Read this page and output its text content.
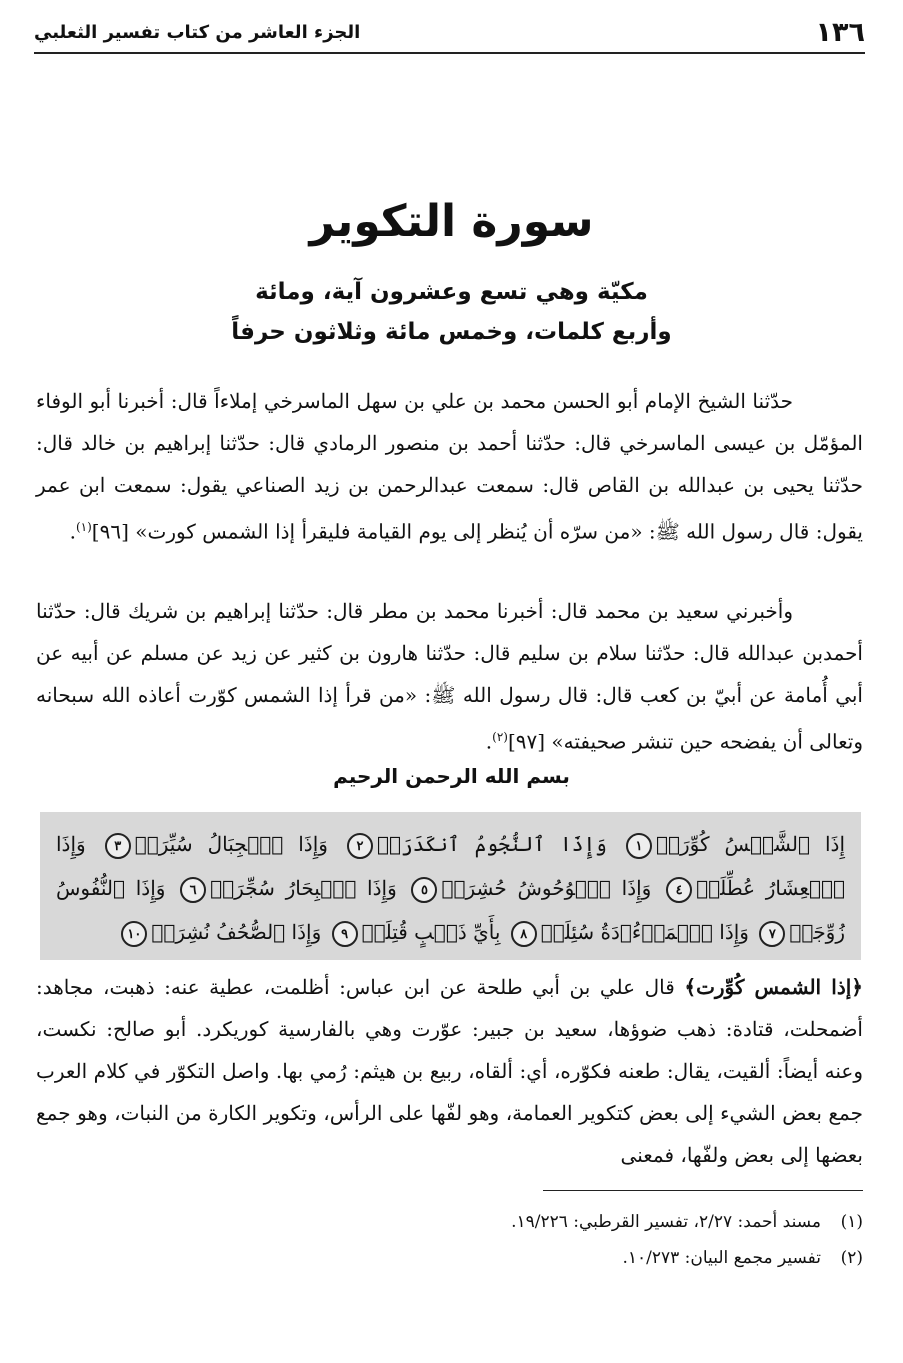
١٣٦
الجزء العاشر من كتاب تفسير الثعلبي
سورة التكوير
مكيّة وهي تسع وعشرون آية، ومائة
وأربع كلمات، وخمس مائة وثلاثون حرفاً
حدّثنا الشيخ الإمام أبو الحسن محمد بن علي بن سهل الماسرخي إملاءاً قال: أخبرنا أبو الوفاء المؤمّل بن عيسى الماسرخي قال: حدّثنا أحمد بن منصور الرمادي قال: حدّثنا إبراهيم بن خالد قال: حدّثنا يحيى بن عبدالله بن القاص قال: سمعت عبدالرحمن بن زيد الصناعي يقول: سمعت ابن عمر يقول: قال رسول الله ﷺ: «من سرّه أن يُنظر إلى يوم القيامة فليقرأ إذا الشمس كورت» [٩٦]$^{(١)}$.
وأخبرني سعيد بن محمد قال: أخبرنا محمد بن مطر قال: حدّثنا إبراهيم بن شريك قال: حدّثنا أحمدبن عبدالله قال: حدّثنا سلام بن سليم قال: حدّثنا هارون بن كثير عن زيد عن مسلم عن أبيه عن أبي أُمامة عن أبيّ بن كعب قال: قال رسول الله ﷺ: «من قرأ إذا الشمس كوّرت أعاذه الله سبحانه وتعالى أن يفضحه حين تنشر صحيفته» [٩٧]$^{(٢)}$.
بسم الله الرحمن الرحيم
إِذَا ٱلشَّمۡسُ كُوِّرَتۡ١ وَإِذَا ٱلنُّجُومُ ٱنكَدَرَتۡ٢ وَإِذَا ٱلۡجِبَالُ سُيِّرَتۡ٣ وَإِذَا ٱلۡعِشَارُ عُطِّلَتۡ٤ وَإِذَا ٱلۡوُحُوشُ حُشِرَتۡ٥ وَإِذَا ٱلۡبِحَارُ سُجِّرَتۡ٦ وَإِذَا ٱلنُّفُوسُ زُوِّجَتۡ٧ وَإِذَا ٱلۡمَوۡءُۥدَةُ سُئِلَتۡ٨ بِأَيِّ ذَنۢبٍ قُتِلَتۡ٩ وَإِذَا ٱلصُّحُفُ نُشِرَتۡ١٠
﴿إذا الشمس كُوِّرت﴾ قال علي بن أبي طلحة عن ابن عباس: أظلمت، عطية عنه: ذهبت، مجاهد: أضمحلت، قتادة: ذهب ضوؤها، سعيد بن جبير: عوّرت وهي بالفارسية كوريكرد. أبو صالح: نكست، وعنه أيضاً: ألقيت، يقال: طعنه فكوّره، أي: ألقاه، ربيع بن هيثم: رُمي بها. واصل التكوّر في كلام العرب جمع بعض الشيء إلى بعض كتكوير العمامة، وهو لفّها على الرأس، وتكوير الكارة من النبات، وهو جمع بعضها إلى بعض ولفّها، فمعنى
(١)مسند أحمد: ٢/٢٧، تفسير القرطبي: ١٩/٢٢٦.
(٢)تفسير مجمع البيان: ١٠/٢٧٣.
